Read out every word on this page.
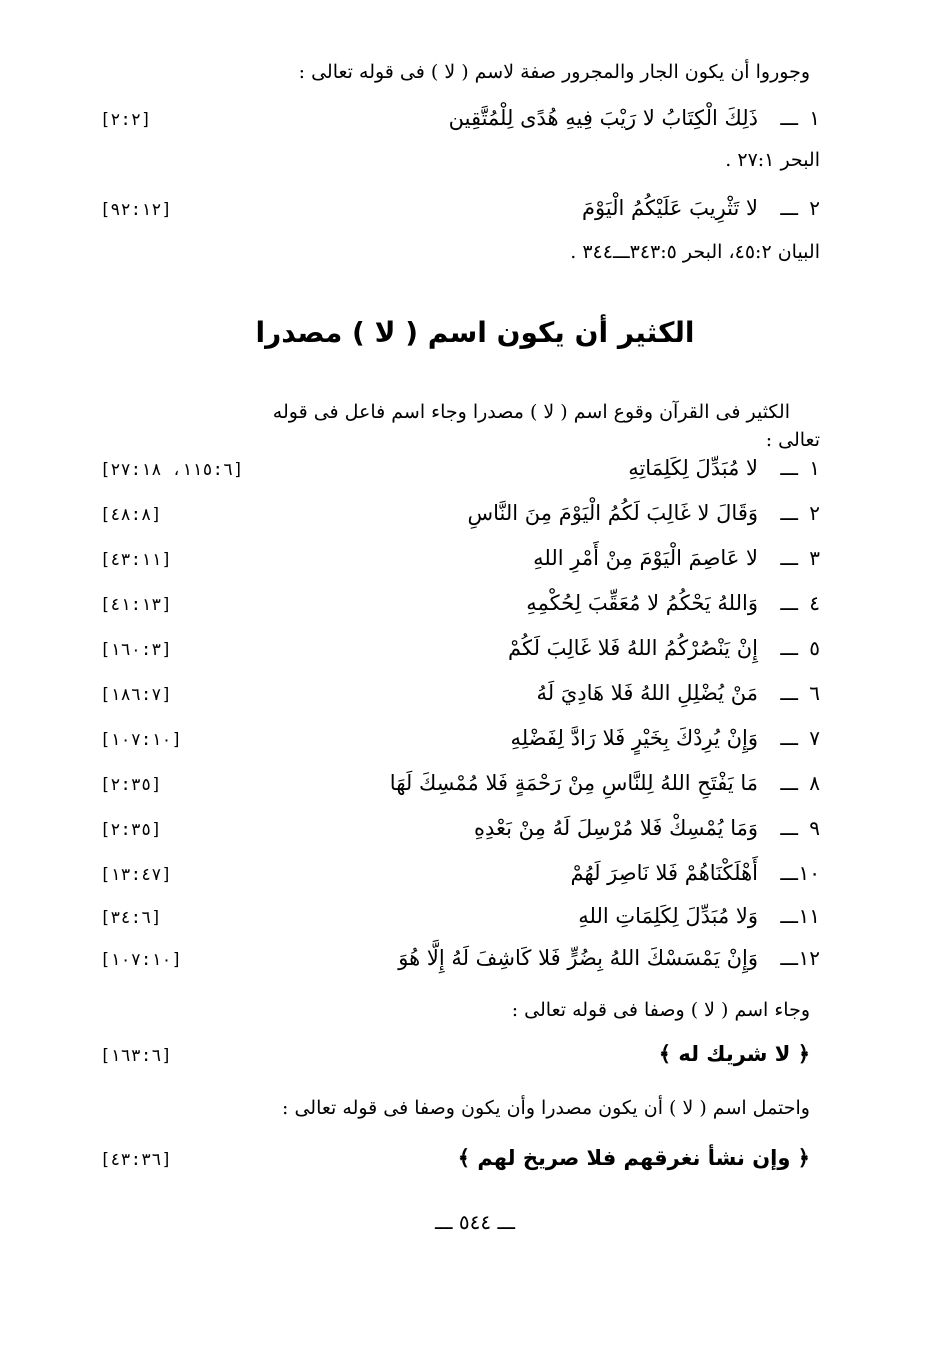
وجوروا أن يكون الجار والمجرور صفة لاسم ( لا ) فى قوله تعالى :
١
ـــ
ذَلِكَ الْكِتَابُ لا رَيْبَ فِيهِ هُدًى لِلْمُتَّقِين
[٢:٢]
البحر ٢٧:١ .
٢
ـــ
لا تَثْرِيبَ عَلَيْكُمُ الْيَوْمَ
[٩٢:١٢]
البيان ٤٥:٢، البحر ٣٤٣:٥ـــ٣٤٤ .
الكثير أن يكون اسم ( لا ) مصدرا
الكثير فى القرآن وقوع اسم ( لا ) مصدرا وجاء اسم فاعل فى قوله
تعالى :
١
ـــ
لا مُبَدِّلَ لِكَلِمَاتِهِ
[١١٥:٦، ٢٧:١٨]
٢
ـــ
وَقَالَ لا غَالِبَ لَكُمُ الْيَوْمَ مِنَ النَّاسِ
[٤٨:٨]
٣
ـــ
لا عَاصِمَ الْيَوْمَ مِنْ أَمْرِ اللهِ
[٤٣:١١]
٤
ـــ
وَاللهُ يَحْكُمُ لا مُعَقِّبَ لِحُكْمِهِ
[٤١:١٣]
٥
ـــ
إِنْ يَنْصُرْكُمُ اللهُ فَلا غَالِبَ لَكُمْ
[١٦٠:٣]
٦
ـــ
مَنْ يُضْلِلِ اللهُ فَلا هَادِيَ لَهُ
[١٨٦:٧]
٧
ـــ
وَإِنْ يُرِدْكَ بِخَيْرٍ فَلا رَادَّ لِفَضْلِهِ
[١٠٧:١٠]
٨
ـــ
مَا يَفْتَحِ اللهُ لِلنَّاسِ مِنْ رَحْمَةٍ فَلا مُمْسِكَ لَهَا
[٢:٣٥]
٩
ـــ
وَمَا يُمْسِكْ فَلا مُرْسِلَ لَهُ مِنْ بَعْدِهِ
[٢:٣٥]
١٠
ـــ
أَهْلَكْنَاهُمْ فَلا نَاصِرَ لَهُمْ
[١٣:٤٧]
١١
ـــ
وَلا مُبَدِّلَ لِكَلِمَاتِ اللهِ
[٣٤:٦]
١٢
ـــ
وَإِنْ يَمْسَسْكَ اللهُ بِضُرٍّ فَلا كَاشِفَ لَهُ إِلَّا هُوَ
[١٠٧:١٠]
وجاء اسم ( لا ) وصفا فى قوله تعالى :
﴿ لا شريك له ﴾
[١٦٣:٦]
واحتمل اسم ( لا ) أن يكون مصدرا وأن يكون وصفا فى قوله تعالى :
﴿ وإن نشأ نغرقهم فلا صريخ لهم ﴾
[٤٣:٣٦]
ـــ ٥٤٤ ـــ
